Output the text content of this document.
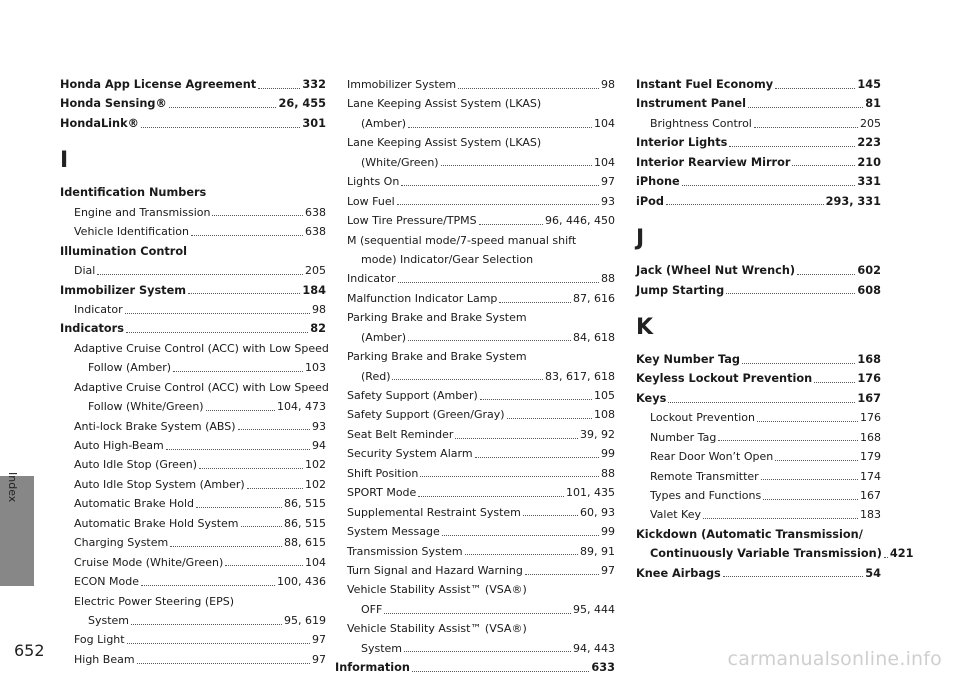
Index
652
Honda App License Agreement	332
Honda Sensing®	26, 455
HondaLink®	301
I
Identification Numbers
Engine and Transmission	638
Vehicle Identification	638
Illumination Control
Dial	205
Immobilizer System	184
Indicator	98
Indicators	82
Adaptive Cruise Control (ACC) with Low Speed
Follow (Amber)	103
Adaptive Cruise Control (ACC) with Low Speed
Follow (White/Green)	104, 473
Anti-lock Brake System (ABS)	93
Auto High-Beam	94
Auto Idle Stop (Green)	102
Auto Idle Stop System (Amber)	102
Automatic Brake Hold	86, 515
Automatic Brake Hold System	86, 515
Charging System	88, 615
Cruise Mode (White/Green)	104
ECON Mode	100, 436
Electric Power Steering (EPS)
System	95, 619
Fog Light	97
High Beam	97
Immobilizer System	98
Lane Keeping Assist System (LKAS)
(Amber)	104
Lane Keeping Assist System (LKAS)
(White/Green)	104
Lights On	97
Low Fuel	93
Low Tire Pressure/TPMS	96, 446, 450
M (sequential mode/7-speed manual shift
mode) Indicator/Gear Selection
Indicator	88
Malfunction Indicator Lamp	87, 616
Parking Brake and Brake System
(Amber)	84, 618
Parking Brake and Brake System
(Red)	83, 617, 618
Safety Support (Amber)	105
Safety Support (Green/Gray)	108
Seat Belt Reminder	39, 92
Security System Alarm	99
Shift Position	88
SPORT Mode	101, 435
Supplemental Restraint System	60, 93
System Message	99
Transmission System	89, 91
Turn Signal and Hazard Warning	97
Vehicle Stability Assist™ (VSA®)
OFF	95, 444
Vehicle Stability Assist™ (VSA®)
System	94, 443
Information	633
Instant Fuel Economy	145
Instrument Panel	81
Brightness Control	205
Interior Lights	223
Interior Rearview Mirror	210
iPhone	331
iPod	293, 331
J
Jack (Wheel Nut Wrench)	602
Jump Starting	608
K
Key Number Tag	168
Keyless Lockout Prevention	176
Keys	167
Lockout Prevention	176
Number Tag	168
Rear Door Won’t Open	179
Remote Transmitter	174
Types and Functions	167
Valet Key	183
Kickdown (Automatic Transmission/
Continuously Variable Transmission) 421
Knee Airbags	54
carmanualsonline.info
